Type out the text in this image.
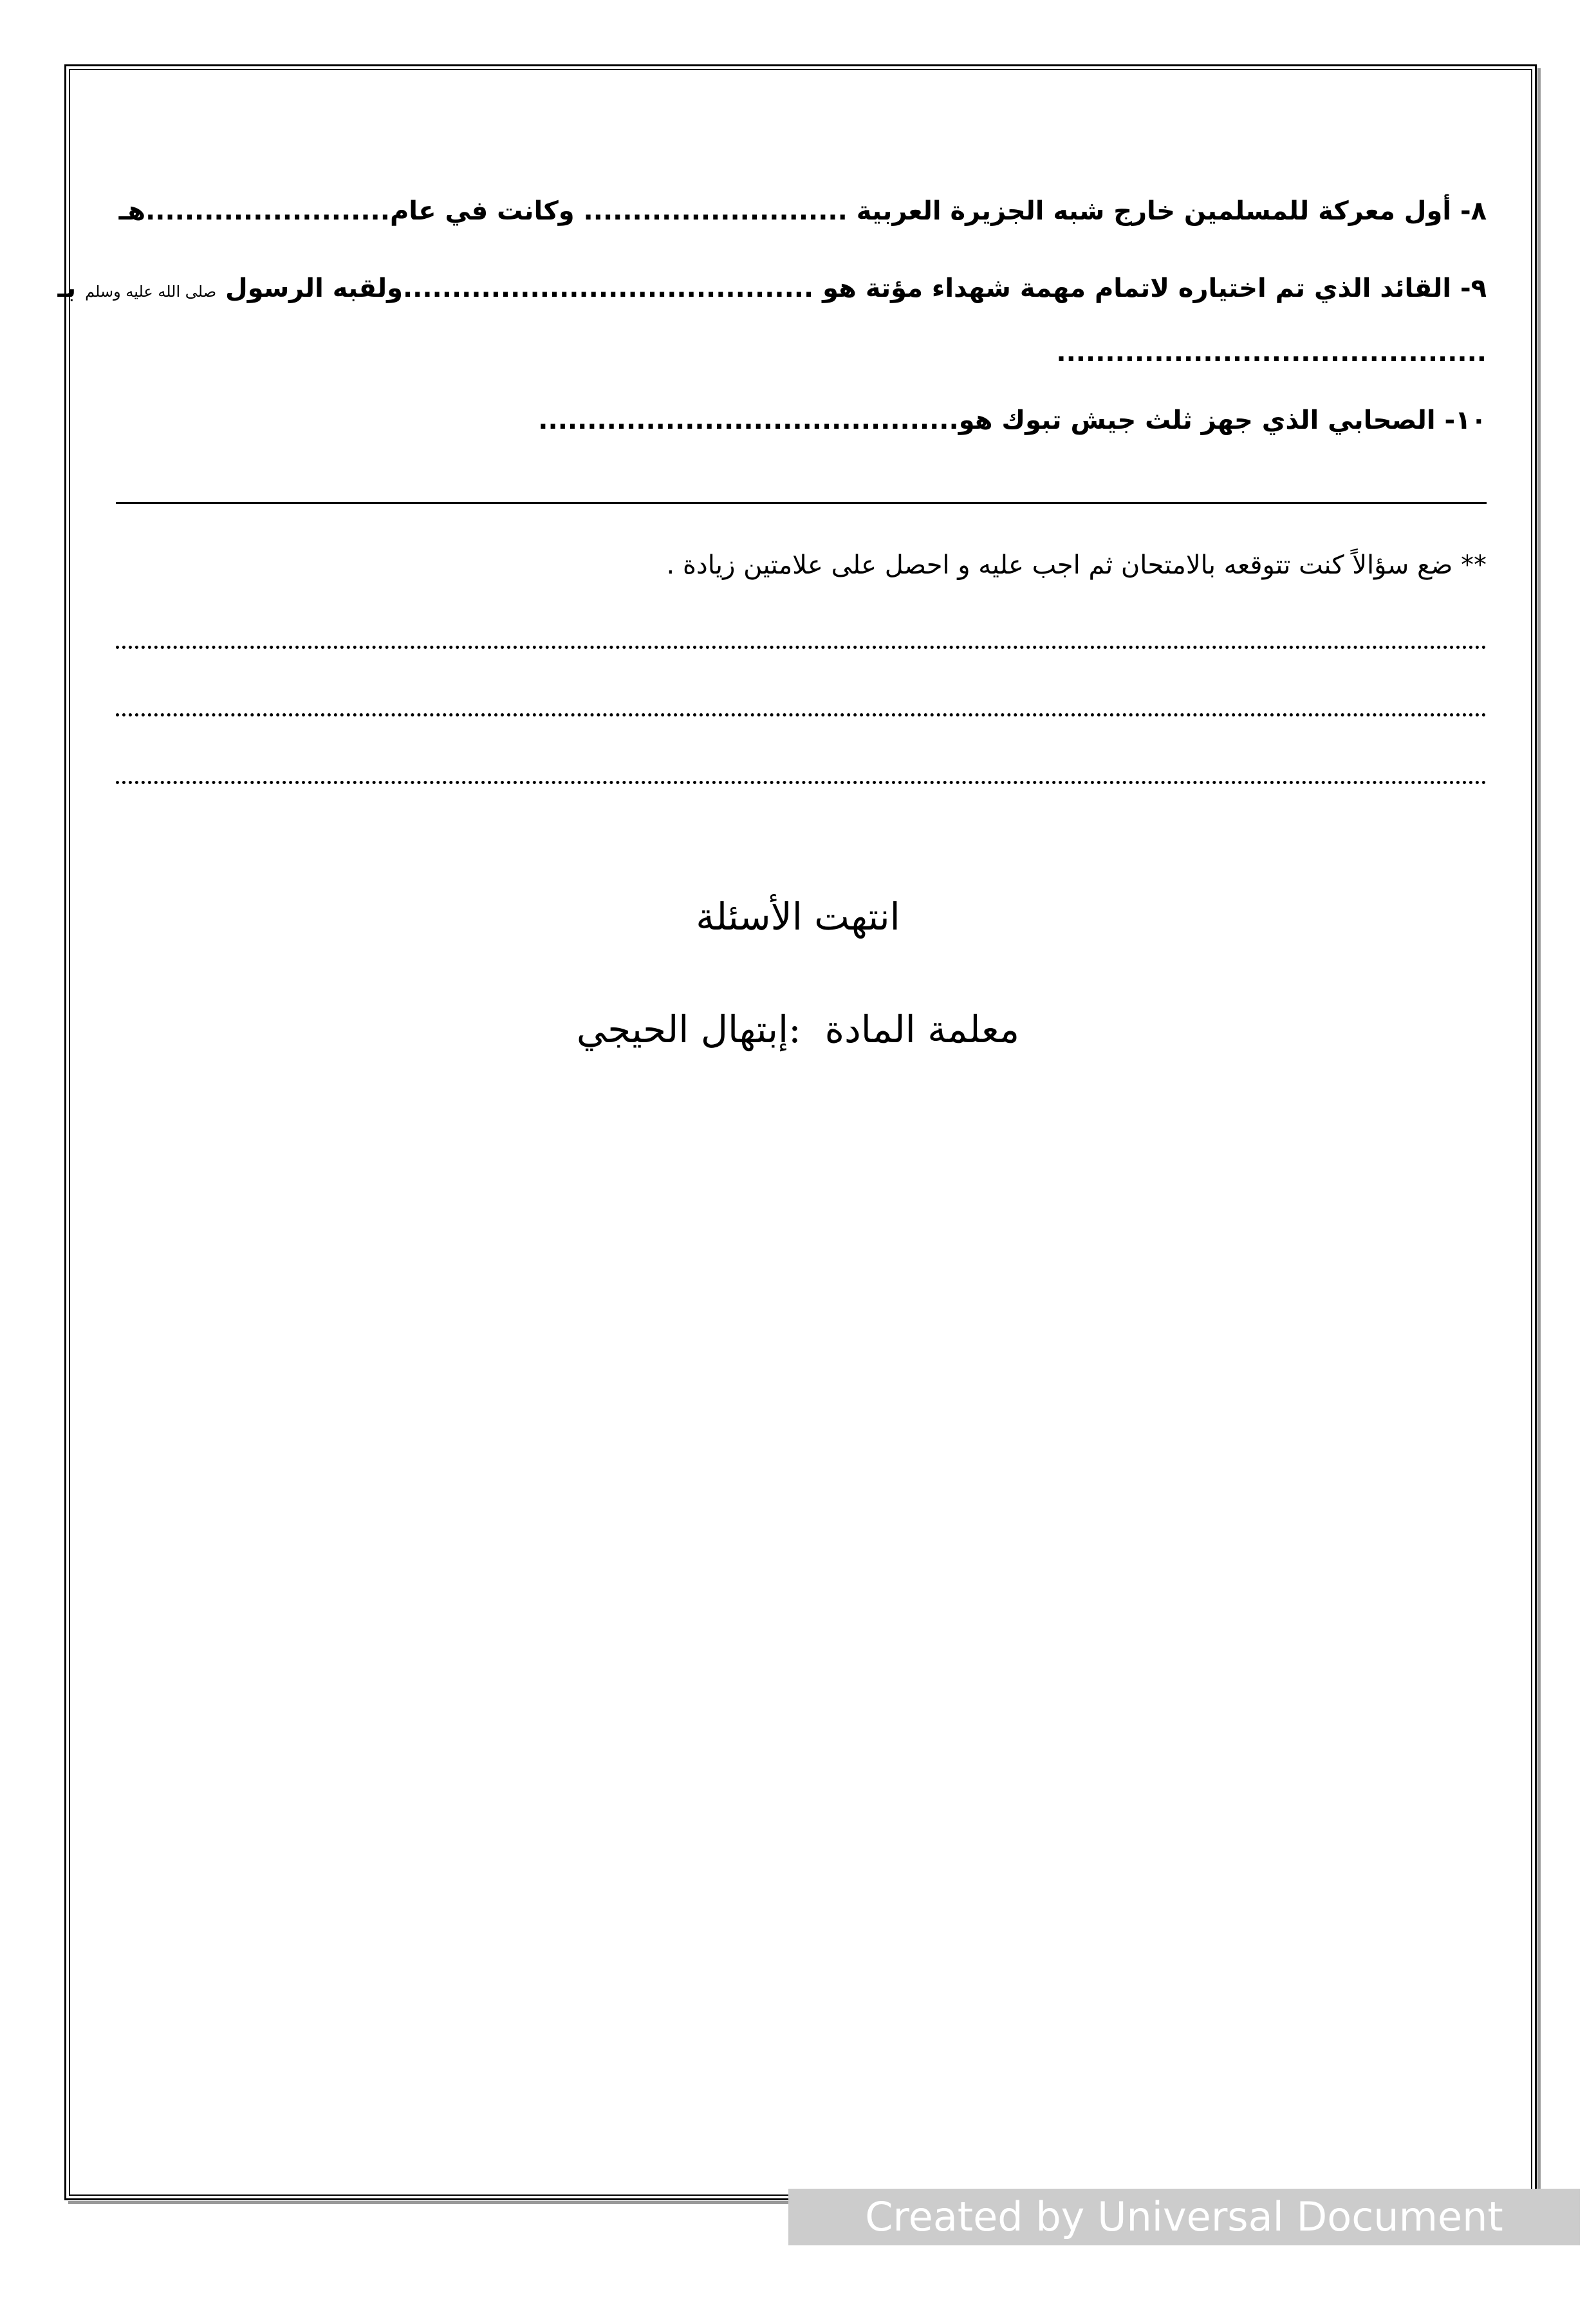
٨- أول معركة للمسلمين خارج شبه الجزيرة العربية ........................... وكانت في عام.........................هـ
٩- القائد الذي تم اختياره لاتمام مهمة شهداء مؤتة هو ..........................................ولقبه الرسول صلى الله عليه وسلم بـ
............................................
١٠- الصحابي الذي جهز ثلث جيش تبوك هو...........................................
** ضع سؤالاً كنت تتوقعه بالامتحان ثم اجب عليه و احصل على علامتين زيادة .
انتهت الأسئلة
معلمة المادة  :إبتهال الحيجي
Created by Universal Document Converter
